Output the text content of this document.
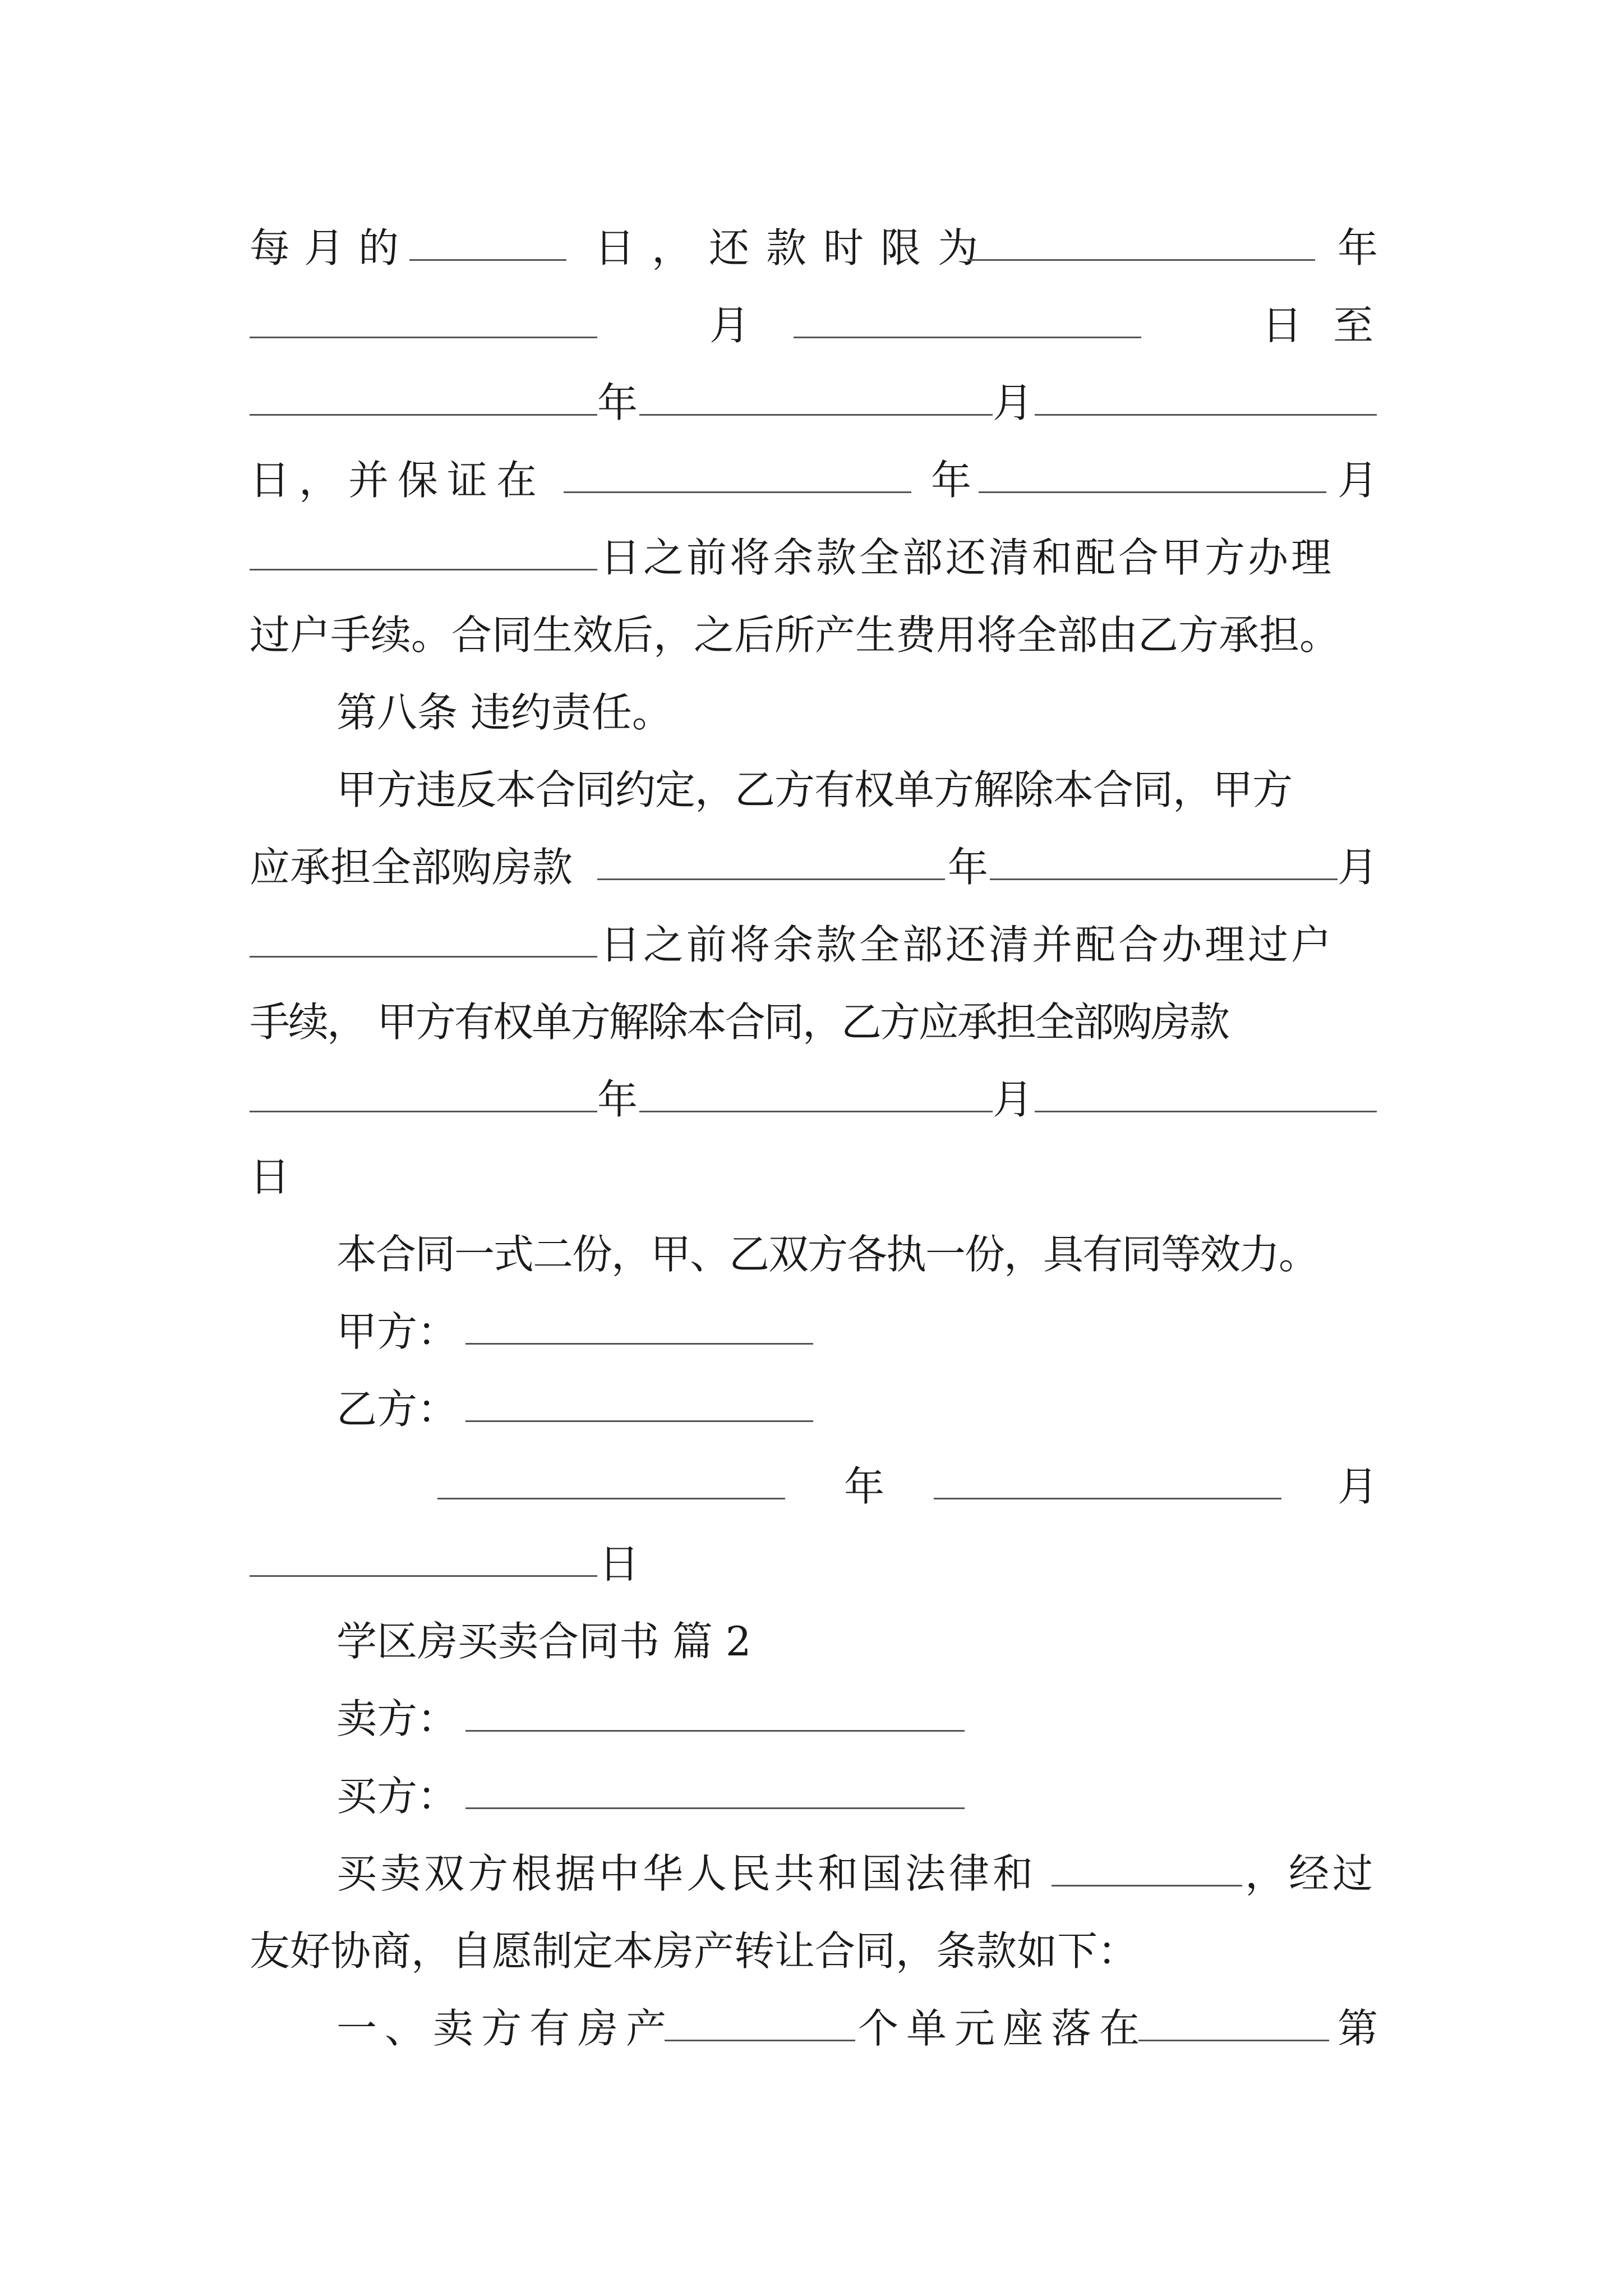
每月的	日，还款时限为	年
月	日至
年	月
日，并保证在	年	月
日之前将余款全部还清和配合甲方办理
过户手续。合同生效后，之后所产生费用将全部由乙方承担。
第八条 违约责任。
甲方违反本合同约定，乙方有权单方解除本合同，甲方
应承担全部购房款	年	月
日之前将余款全部还清并配合办理过户
手续， 甲方有权单方解除本合同，乙方应承担全部购房款
年	月
日
本合同一式二份，甲、乙双方各执一份，具有同等效力。
甲方：
乙方：
年	月
日
学区房买卖合同书 篇 2
卖方：
买方：
买卖双方根据中华人民共和国法律和	，经过
友好协商，自愿制定本房产转让合同，条款如下：
一、卖方有房产	个单元座落在	第
